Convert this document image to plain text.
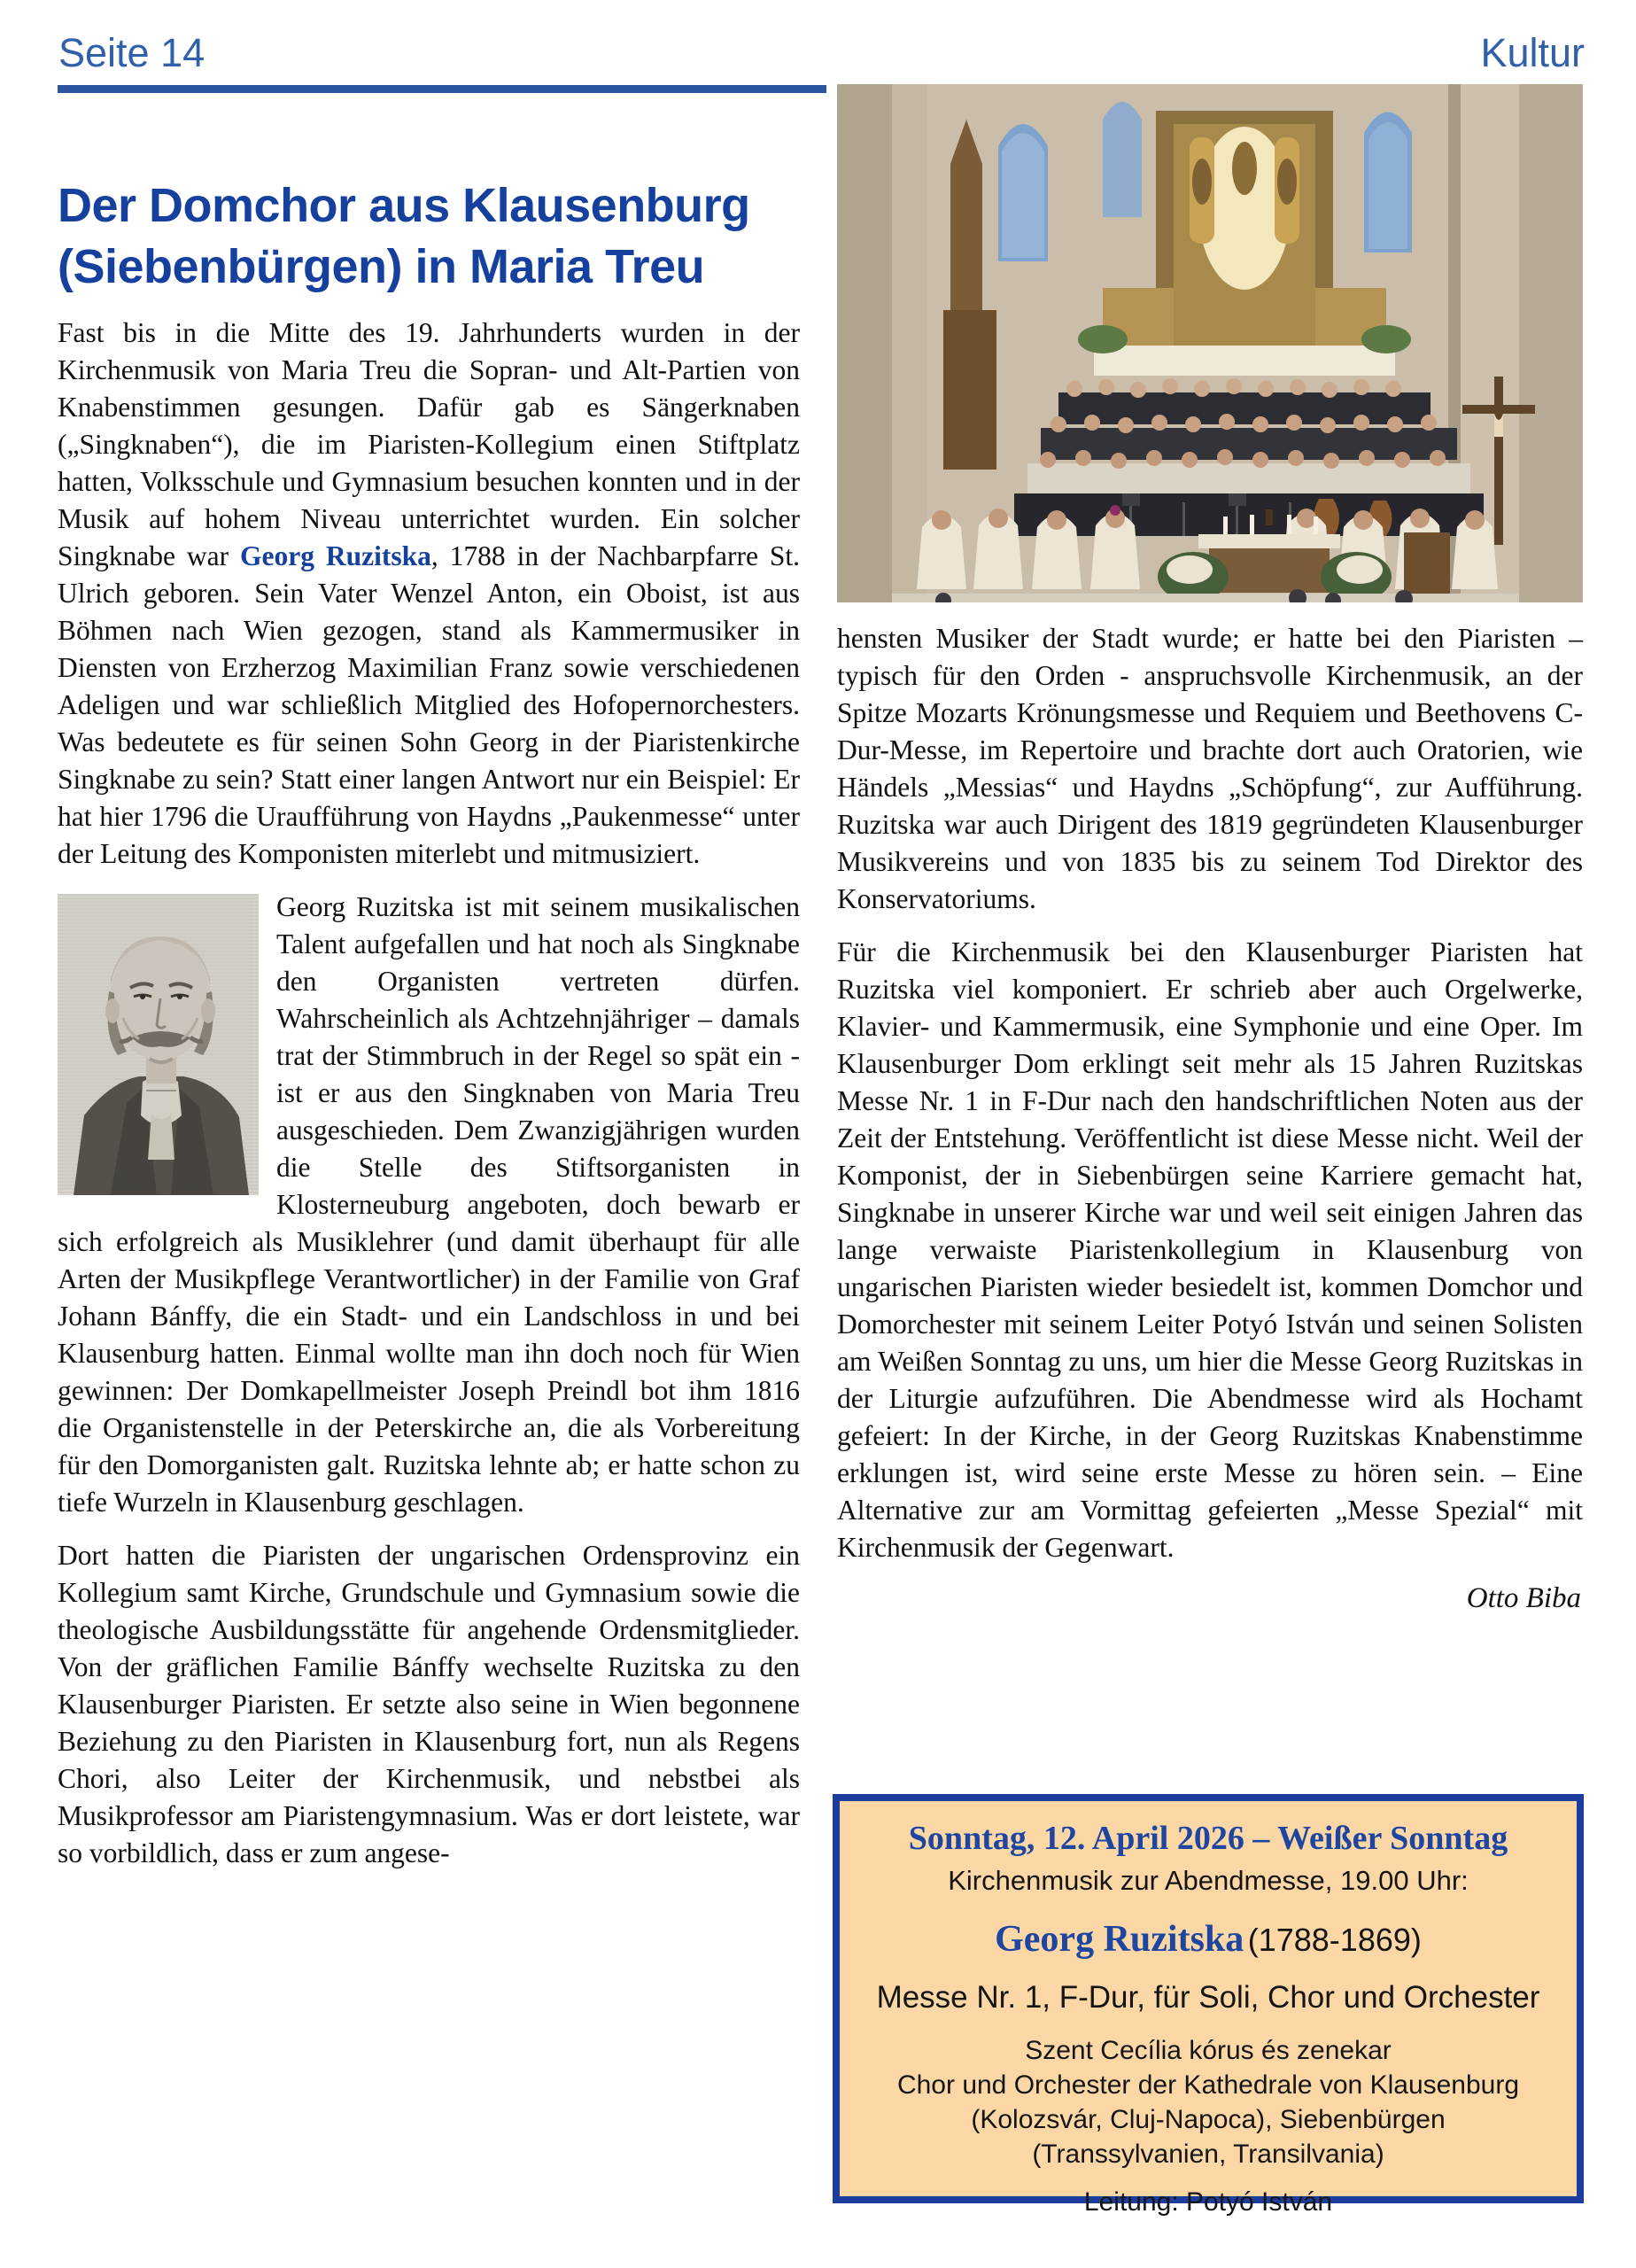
Seite 14	Kultur
Der Domchor aus Klausenburg
(Siebenbürgen) in Maria Treu

Fast bis in die Mitte des 19. Jahrhunderts wurden in der Kirchenmusik von Maria Treu die Sopran- und Alt-Partien von Knabenstimmen gesungen. Dafür gab es Sängerknaben („Singknaben“), die im Piaristen-Kollegium einen Stiftplatz hatten, Volksschule und Gymnasium besuchen konnten und in der Musik auf hohem Niveau unterrichtet wurden. Ein solcher Singknabe war Georg Ruzitska, 1788 in der Nachbarpfarre St. Ulrich geboren. Sein Vater Wenzel Anton, ein Oboist, ist aus Böhmen nach Wien gezogen, stand als Kammermusiker in Diensten von Erzherzog Maximilian Franz sowie verschiedenen Adeligen und war schließlich Mitglied des Hofopernorchesters. Was bedeutete es für seinen Sohn Georg in der Piaristenkirche Singknabe zu sein? Statt einer langen Antwort nur ein Beispiel: Er hat hier 1796 die Uraufführung von Haydns „Paukenmesse“ unter der Leitung des Komponisten miterlebt und mitmusiziert.

Georg Ruzitska ist mit seinem musikalischen Talent aufgefallen und hat noch als Singknabe den Organisten vertreten dürfen. Wahrscheinlich als Achtzehnjähriger – damals trat der Stimmbruch in der Regel so spät ein - ist er aus den Singknaben von Maria Treu ausgeschieden. Dem Zwanzigjährigen wurden die Stelle des Stiftsorganisten in Klosterneuburg angeboten, doch bewarb er sich erfolgreich als Musiklehrer (und damit überhaupt für alle Arten der Musikpflege Verantwortlicher) in der Familie von Graf Johann Bánffy, die ein Stadt- und ein Landschloss in und bei Klausenburg hatten. Einmal wollte man ihn doch noch für Wien gewinnen: Der Domkapellmeister Joseph Preindl bot ihm 1816 die Organistenstelle in der Peterskirche an, die als Vorbereitung für den Domorganisten galt. Ruzitska lehnte ab; er hatte schon zu tiefe Wurzeln in Klausenburg geschlagen.

Dort hatten die Piaristen der ungarischen Ordensprovinz ein Kollegium samt Kirche, Grundschule und Gymnasium sowie die theologische Ausbildungsstätte für angehende Ordensmitglieder. Von der gräflichen Familie Bánffy wechselte Ruzitska zu den Klausenburger Piaristen. Er setzte also seine in Wien begonnene Beziehung zu den Piaristen in Klausenburg fort, nun als Regens Chori, also Leiter der Kirchenmusik, und nebstbei als Musikprofessor am Piaristengymnasium. Was er dort leistete, war so vorbildlich, dass er zum angese-

hensten Musiker der Stadt wurde; er hatte bei den Piaristen – typisch für den Orden - anspruchsvolle Kirchenmusik, an der Spitze Mozarts Krönungsmesse und Requiem und Beethovens C-Dur-Messe, im Repertoire und brachte dort auch Oratorien, wie Händels „Messias“ und Haydns „Schöpfung“, zur Aufführung. Ruzitska war auch Dirigent des 1819 gegründeten Klausenburger Musikvereins und von 1835 bis zu seinem Tod Direktor des Konservatoriums.

Für die Kirchenmusik bei den Klausenburger Piaristen hat Ruzitska viel komponiert. Er schrieb aber auch Orgelwerke, Klavier- und Kammermusik, eine Symphonie und eine Oper. Im Klausenburger Dom erklingt seit mehr als 15 Jahren Ruzitskas Messe Nr. 1 in F-Dur nach den handschriftlichen Noten aus der Zeit der Entstehung. Veröffentlicht ist diese Messe nicht. Weil der Komponist, der in Siebenbürgen seine Karriere gemacht hat, Singknabe in unserer Kirche war und weil seit einigen Jahren das lange verwaiste Piaristenkollegium in Klausenburg von ungarischen Piaristen wieder besiedelt ist, kommen Domchor und Domorchester mit seinem Leiter Potyó István und seinen Solisten am Weißen Sonntag zu uns, um hier die Messe Georg Ruzitskas in der Liturgie aufzuführen. Die Abendmesse wird als Hochamt gefeiert: In der Kirche, in der Georg Ruzitskas Knabenstimme erklungen ist, wird seine erste Messe zu hören sein. – Eine Alternative zur am Vormittag gefeierten „Messe Spezial“ mit Kirchenmusik der Gegenwart.

Otto Biba
Sonntag, 12. April 2026 – Weißer Sonntag
Kirchenmusik zur Abendmesse, 19.00 Uhr:
Georg Ruzitska (1788-1869)
Messe Nr. 1, F-Dur, für Soli, Chor und Orchester
Szent Cecília kórus és zenekar
Chor und Orchester der Kathedrale von Klausenburg
(Kolozsvár, Cluj-Napoca), Siebenbürgen
(Transsylvanien, Transilvania)
Leitung: Potyó István
